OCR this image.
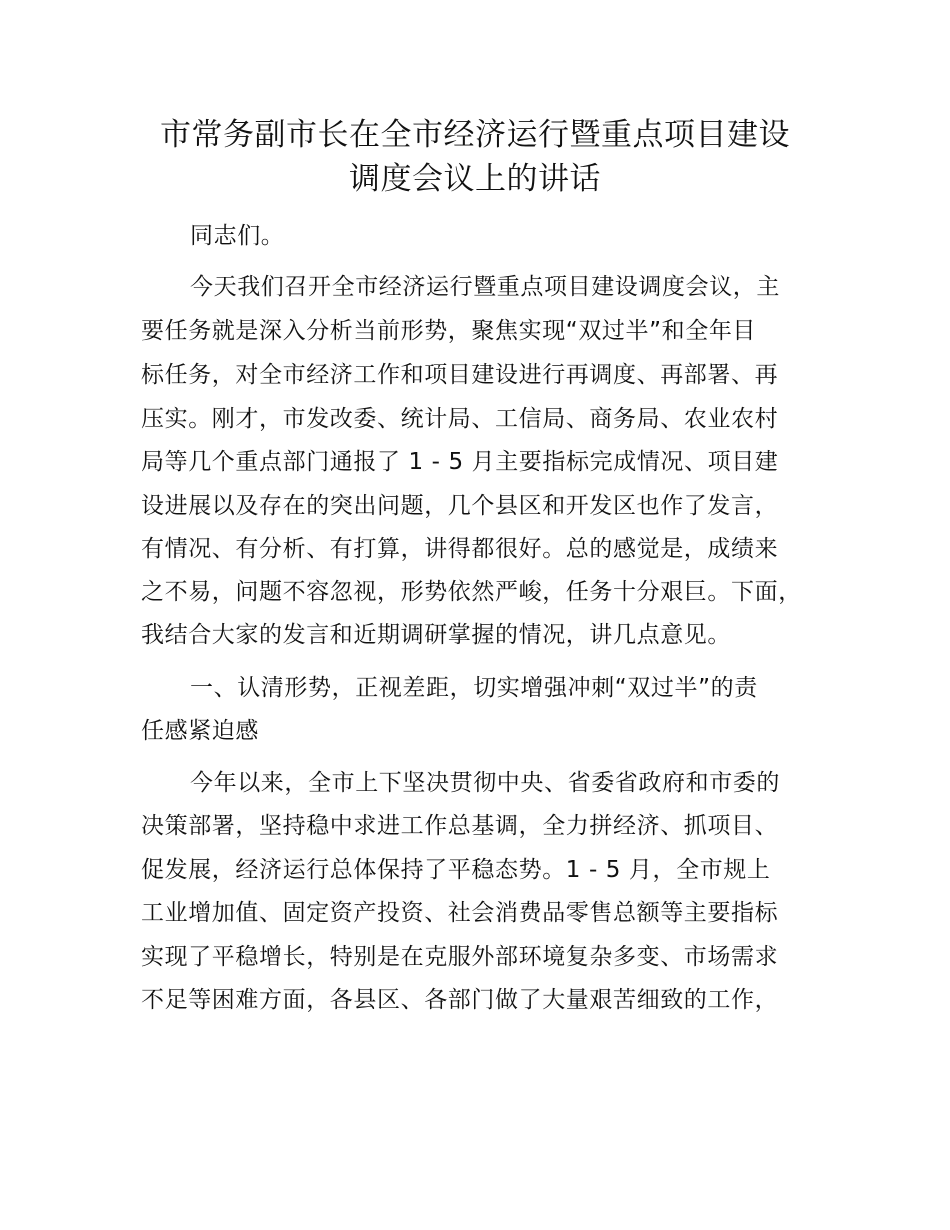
市常务副市长在全市经济运行暨重点项目建设
调度会议上的讲话
同志们。
今天我们召开全市经济运行暨重点项目建设调度会议，主
要任务就是深入分析当前形势，聚焦实现“双过半”和全年目
标任务，对全市经济工作和项目建设进行再调度、再部署、再
压实。刚才，市发改委、统计局、工信局、商务局、农业农村
局等几个重点部门通报了 1 - 5 月主要指标完成情况、项目建
设进展以及存在的突出问题，几个县区和开发区也作了发言，
有情况、有分析、有打算，讲得都很好。总的感觉是，成绩来
之不易，问题不容忽视，形势依然严峻，任务十分艰巨。下面，
我结合大家的发言和近期调研掌握的情况，讲几点意见。
一、认清形势，正视差距，切实增强冲刺“双过半”的责
任感紧迫感
今年以来，全市上下坚决贯彻中央、省委省政府和市委的
决策部署，坚持稳中求进工作总基调，全力拼经济、抓项目、
促发展，经济运行总体保持了平稳态势。1 - 5 月，全市规上
工业增加值、固定资产投资、社会消费品零售总额等主要指标
实现了平稳增长，特别是在克服外部环境复杂多变、市场需求
不足等困难方面，各县区、各部门做了大量艰苦细致的工作，
